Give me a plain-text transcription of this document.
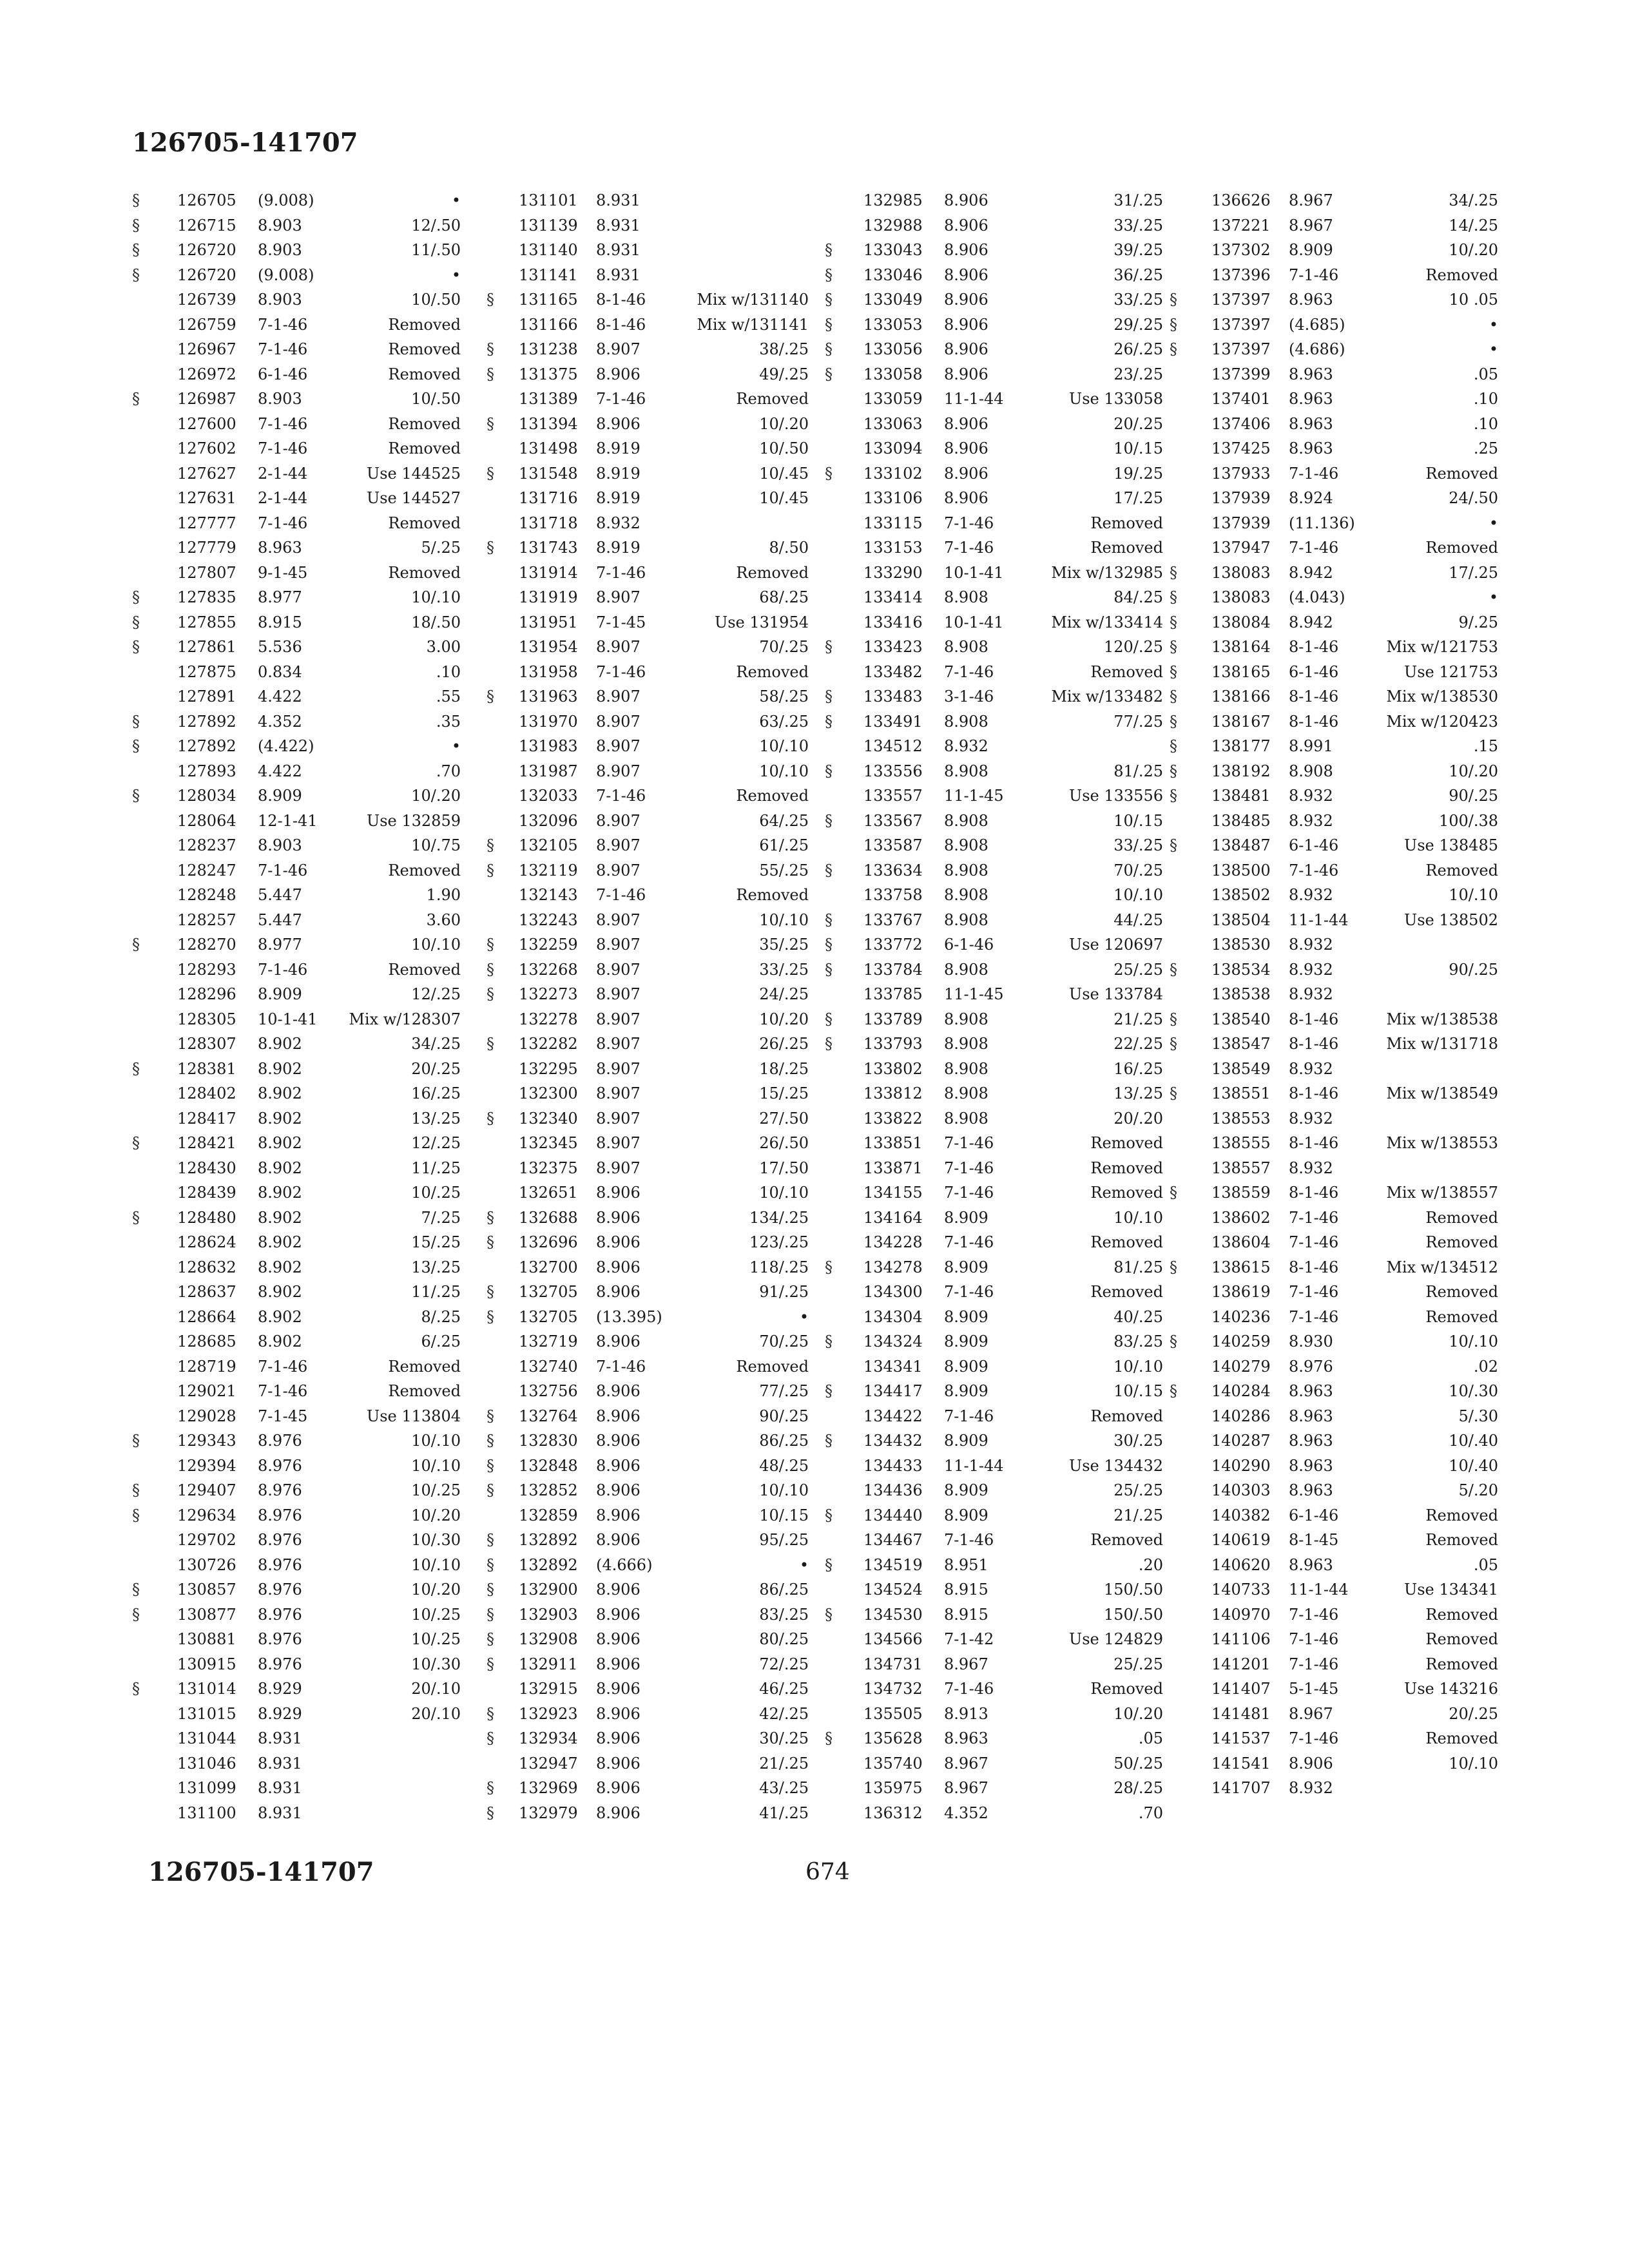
126705-141707
§ 126705 (9.008)	•
§ 126715 8.903	12/.50
§ 126720 8.903	11/.50
§ 126720 (9.008)	•
126739 8.903	10/.50
126759 7-1-46	Removed
126967 7-1-46	Removed
126972 6-1-46	Removed
§ 126987 8.903	10/.50
127600 7-1-46	Removed
127602 7-1-46	Removed
127627 2-1-44	Use 144525
127631 2-1-44	Use 144527
127777 7-1-46	Removed
127779 8.963	5/.25
127807 9-1-45	Removed
§ 127835 8.977	10/.10
§ 127855 8.915	18/.50
§ 127861 5.536	3.00
127875 0.834	.10
127891 4.422	.55
§ 127892 4.352	.35
§ 127892 (4.422)	•
127893 4.422	.70
§ 128034 8.909	10/.20
128064 12-1-41	Use 132859
128237 8.903	10/.75
128247 7-1-46	Removed
128248 5.447	1.90
128257 5.447	3.60
§ 128270 8.977	10/.10
128293 7-1-46	Removed
128296 8.909	12/.25
128305 10-1-41 Mix w/128307
128307 8.902	34/.25
§ 128381 8.902	20/.25
128402 8.902	16/.25
128417 8.902	13/.25
§ 128421 8.902	12/.25
128430 8.902	11/.25
128439 8.902	10/.25
§ 128480 8.902	7/.25
128624 8.902	15/.25
128632 8.902	13/.25
128637 8.902	11/.25
128664 8.902	8/.25
128685 8.902	6/.25
128719 7-1-46	Removed
129021 7-1-46	Removed
129028 7-1-45	Use 113804
§ 129343 8.976	10/.10
129394 8.976	10/.10
§ 129407 8.976	10/.25
§ 129634 8.976	10/.20
129702 8.976	10/.30
130726 8.976	10/.10
§ 130857 8.976	10/.20
§ 130877 8.976	10/.25
130881 8.976	10/.25
130915 8.976	10/.30
§ 131014 8.929	20/.10
131015 8.929	20/.10
131044 8.931
131046 8.931
131099 8.931
131100 8.931
131101 8.931
131139 8.931
131140 8.931
131141 8.931
§ 131165 8-1-46	Mix w/131140
131166 8-1-46	Mix w/131141
§ 131238 8.907	38/.25
§ 131375 8.906	49/.25
131389 7-1-46	Removed
§ 131394 8.906	10/.20
131498 8.919	10/.50
§ 131548 8.919	10/.45
131716 8.919	10/.45
131718 8.932
§ 131743 8.919	8/.50
131914 7-1-46	Removed
131919 8.907	68/.25
131951 7-1-45	Use 131954
131954 8.907	70/.25
131958 7-1-46	Removed
§ 131963 8.907	58/.25
131970 8.907	63/.25
131983 8.907	10/.10
131987 8.907	10/.10
132033 7-1-46	Removed
132096 8.907	64/.25
§ 132105 8.907	61/.25
§ 132119 8.907	55/.25
132143 7-1-46	Removed
132243 8.907	10/.10
§ 132259 8.907	35/.25
§ 132268 8.907	33/.25
§ 132273 8.907	24/.25
132278 8.907	10/.20
§ 132282 8.907	26/.25
132295 8.907	18/.25
132300 8.907	15/.25
§ 132340 8.907	27/.50
132345 8.907	26/.50
132375 8.907	17/.50
132651 8.906	10/.10
§ 132688 8.906	134/.25
§ 132696 8.906	123/.25
132700 8.906	118/.25
§ 132705 8.906	91/.25
§ 132705 (13.395)	•
132719 8.906	70/.25
132740 7-1-46	Removed
132756 8.906	77/.25
§ 132764 8.906	90/.25
§ 132830 8.906	86/.25
§ 132848 8.906	48/.25
§ 132852 8.906	10/.10
132859 8.906	10/.15
§ 132892 8.906	95/.25
§ 132892 (4.666)	•
§ 132900 8.906	86/.25
§ 132903 8.906	83/.25
§ 132908 8.906	80/.25
§ 132911 8.906	72/.25
132915 8.906	46/.25
§ 132923 8.906	42/.25
§ 132934 8.906	30/.25
132947 8.906	21/.25
§ 132969 8.906	43/.25
§ 132979 8.906	41/.25
132985 8.906	31/.25
132988 8.906	33/.25
§ 133043 8.906	39/.25
§ 133046 8.906	36/.25
§ 133049 8.906	33/.25
§ 133053 8.906	29/.25
§ 133056 8.906	26/.25
§ 133058 8.906	23/.25
133059 11-1-44	Use 133058
133063 8.906	20/.25
133094 8.906	10/.15
§ 133102 8.906	19/.25
133106 8.906	17/.25
133115 7-1-46	Removed
133153 7-1-46	Removed
133290 10-1-41	Mix w/132985
133414 8.908	84/.25
133416 10-1-41	Mix w/133414
§ 133423 8.908	120/.25
133482 7-1-46	Removed
§ 133483 3-1-46	Mix w/133482
§ 133491 8.908	77/.25
134512 8.932
§ 133556 8.908	81/.25
133557 11-1-45	Use 133556
§ 133567 8.908	10/.15
133587 8.908	33/.25
§ 133634 8.908	70/.25
133758 8.908	10/.10
§ 133767 8.908	44/.25
§ 133772 6-1-46	Use 120697
§ 133784 8.908	25/.25
133785 11-1-45	Use 133784
§ 133789 8.908	21/.25
§ 133793 8.908	22/.25
133802 8.908	16/.25
133812 8.908	13/.25
133822 8.908	20/.20
133851 7-1-46	Removed
133871 7-1-46	Removed
134155 7-1-46	Removed
134164 8.909	10/.10
134228 7-1-46	Removed
§ 134278 8.909	81/.25
134300 7-1-46	Removed
134304 8.909	40/.25
§ 134324 8.909	83/.25
134341 8.909	10/.10
§ 134417 8.909	10/.15
134422 7-1-46	Removed
§ 134432 8.909	30/.25
134433 11-1-44	Use 134432
134436 8.909	25/.25
§ 134440 8.909	21/.25
134467 7-1-46	Removed
§ 134519 8.951	.20
134524 8.915	150/.50
§ 134530 8.915	150/.50
134566 7-1-42	Use 124829
134731 8.967	25/.25
134732 7-1-46	Removed
135505 8.913	10/.20
§ 135628 8.963	.05
135740 8.967	50/.25
135975 8.967	28/.25
136312 4.352	.70
136626 8.967	34/.25
137221 8.967	14/.25
137302 8.909	10/.20
137396 7-1-46	Removed
§ 137397 8.963	10 .05
§ 137397 (4.685)	•
§ 137397 (4.686)	•
137399 8.963	.05
137401 8.963	.10
137406 8.963	.10
137425 8.963	.25
137933 7-1-46	Removed
137939 8.924	24/.50
137939 (11.136)	•
137947 7-1-46	Removed
§ 138083 8.942	17/.25
§ 138083 (4.043)	•
§ 138084 8.942	9/.25
§ 138164 8-1-46	Mix w/121753
§ 138165 6-1-46	Use 121753
§ 138166 8-1-46	Mix w/138530
§ 138167 8-1-46	Mix w/120423
§ 138177 8.991	.15
§ 138192 8.908	10/.20
§ 138481 8.932	90/.25
138485 8.932	100/.38
§ 138487 6-1-46	Use 138485
138500 7-1-46	Removed
138502 8.932	10/.10
138504 11-1-44	Use 138502
138530 8.932
§ 138534 8.932	90/.25
138538 8.932
§ 138540 8-1-46	Mix w/138538
§ 138547 8-1-46	Mix w/131718
138549 8.932
§ 138551 8-1-46	Mix w/138549
138553 8.932
138555 8-1-46	Mix w/138553
138557 8.932
§ 138559 8-1-46	Mix w/138557
138602 7-1-46	Removed
138604 7-1-46	Removed
§ 138615 8-1-46	Mix w/134512
138619 7-1-46	Removed
140236 7-1-46	Removed
§ 140259 8.930	10/.10
140279 8.976	.02
§ 140284 8.963	10/.30
140286 8.963	5/.30
140287 8.963	10/.40
140290 8.963	10/.40
140303 8.963	5/.20
140382 6-1-46	Removed
140619 8-1-45	Removed
140620 8.963	.05
140733 11-1-44	Use 134341
140970 7-1-46	Removed
141106 7-1-46	Removed
141201 7-1-46	Removed
141407 5-1-45	Use 143216
141481 8.967	20/.25
141537 7-1-46	Removed
141541 8.906	10/.10
141707 8.932
126705-141707	674
